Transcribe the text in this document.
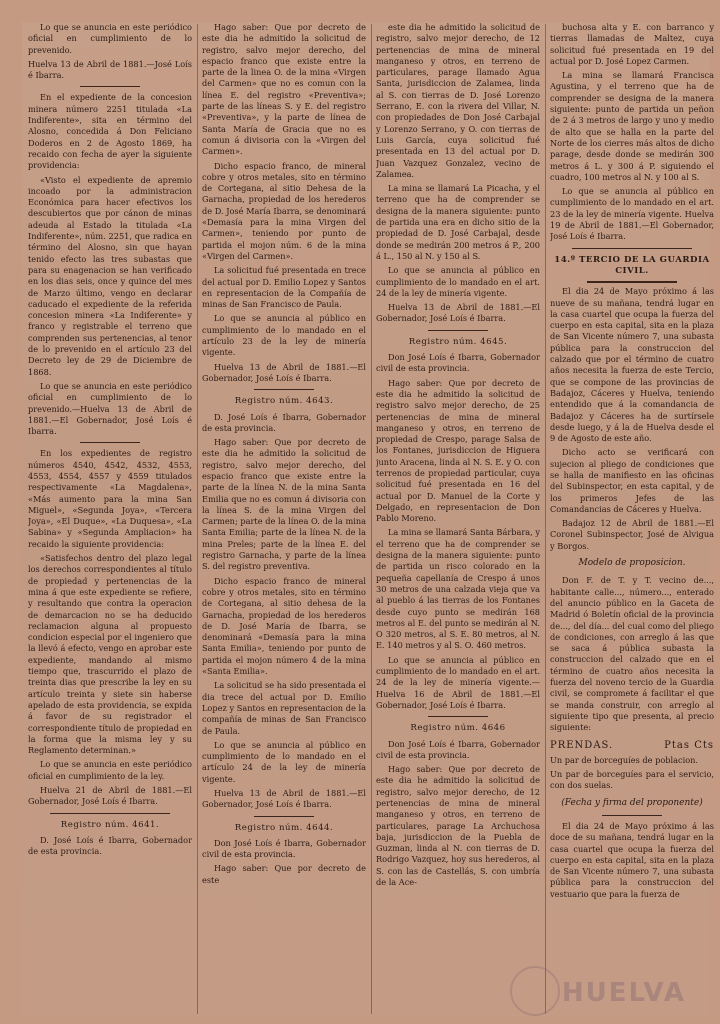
Lo que se anuncia en este periódico oficial en cumplimiento de lo prevenido.

Huelva 13 de Abril de 1881.—José Loís é Ibarra.

En el expediente de la concesion minera número 2251 titulada «La Indiferente», sita en término del Alosno, concedida á Don Feliciano Doderos en 2 de Agosto 1869, ha recaido con fecha de ayer la siguiente providencia:

«Visto el expediente de apremio incoado por la administracion Económica para hacer efectivos los descubiertos que por cánon de minas adeuda al Estado la titulada «La Indiferente», núm. 2251, que radica en término del Alosno, sin que hayan tenido efecto las tres subastas que para su enagenacion se han verificado en los dias seis, once y quince del mes de Marzo último, vengo en declarar caducado el expediente de la referida concesion minera «La Indiferente» y franco y registrable el terreno que comprenden sus pertenencias, al tenor de lo prevenido en el artículo 23 del Decreto ley de 29 de Diciembre de 1868.

Lo que se anuncia en este periódico oficial en cumplimiento de lo prevenido.—Huelva 13 de Abril de 1881.—El Gobernador, José Loís é Ibarra.

En los expedientes de registro números 4540, 4542, 4532, 4553, 4553, 4554, 4557 y 4559 titulados respectivamente «La Magdalena», «Más aumento para la mina San Miguel», «Segunda Joya», «Tercera Joya», «El Duque», «La Duquesa», «La Sabina» y «Segunda Ampliacion» ha recaido la siguiente providencia:

«Satisfechos dentro del plazo legal los derechos correspondientes al título de propiedad y pertenencias de la mina á que este expediente se refiere, y resultando que contra la operacion de demarcacion no se ha deducido reclamacion alguna al propuesto condicion especial por el ingeniero que la llevó á efecto, vengo en aprobar este expediente, mandando al mismo tiempo que, trascurrido el plazo de treinta dias que prescribe la ley en su artículo treinta y siete sin haberse apelado de esta providencia, se expida á favor de su registrador el correspondiente título de propiedad en la forma que la misma ley y su Reglamento determinan.»

Lo que se anuncia en este periódico oficial en cumplimiento de la ley.

Huelva 21 de Abril de 1881.—El Gobernador, José Loís é Ibarra.

Registro núm. 4641.

D. José Loís é Ibarra, Gobernador de esta provincia.

Hago saber: Que por decreto de este dia he admitido la solicitud de registro, salvo mejor derecho, del espacio franco que existe entre la parte de la linea O. de la mina «Virgen del Carmen» que no es comun con la línea E. del registro «Preventiva»; parte de las líneas S. y E. del registro «Preventiva», y la parte de línea de Santa María de Gracia que no es comun á divisoria con la «Virgen del Carmen».

Dicho espacio franco, de mineral cobre y otros metales, sito en término de Cortegana, al sitio Dehesa de la Garnacha, propiedad de los herederos de D. José María Ibarra, se denominará «Demasía para la mina Virgen del Carmen», teniendo por punto de partida el mojon núm. 6 de la mina «Virgen del Carmen».

La solicitud fué presentada en trece del actual por D. Emilio Lopez y Santos en representacion de la Compañía de minas de San Francisco de Paula.

Lo que se anuncia al público en cumplimiento de lo mandado en el artículo 23 de la ley de minería vigente.

Huelva 13 de Abril de 1881.—El Gobernador, José Loís é Ibarra.

Registro núm. 4643.

D. José Loís é Ibarra, Gobernador de esta provincia.

Hago saber: Que por decreto de este dia he admitido la solicitud de registro, salvo mejor derecho, del espacio franco que existe entre la parte de la línea N. de la mina Santa Emilia que no es comun á divisoria con la línea S. de la mina Virgen del Carmen; parte de la línea O. de la mina Santa Emilia; parte de la línea N. de la mina Preles; parte de la línea E. del registro Garnacha, y parte de la línea S. del registro preventiva.

Dicho espacio franco de mineral cobre y otros metales, sito en término de Cortegana, al sitio dehesa de la Garnacha, propiedad de los herederos de D. José María de Ibarra, se denominará «Demasía para la mina Santa Emilia», teniendo por punto de partida el mojon número 4 de la mina «Santa Emilia».

La solicitud se ha sido presentada el dia trece del actual por D. Emilio Lopez y Santos en representacion de la compañía de minas de San Francisco de Paula.

Lo que se anuncia al público en cumplimiento de lo mandado en el artículo 24 de la ley de minería vigente.

Huelva 13 de Abril de 1881.—El Gobernador, José Loís é Ibarra.

Registro núm. 4644.

Don José Loís é Ibarra, Gobernador civil de esta provincia.

Hago saber: Que por decreto de este

este dia he admitido la solicitud de registro, salvo mejor derecho, de 12 pertenencias de mina de mineral manganeso y otros, en terreno de particulares, parage llamado Agua Santa, jurisdiccion de Zalamea, linda al S. con tierras de D. José Lorenzo Serrano, E. con la rivera del Villar, N. con propiedades de Don José Carbajal y Lorenzo Serrano, y O. con tierras de Luis García, cuya solicitud fué presentada en 13 del actual por D. Juan Vazquez Gonzalez, vecino de Zalamea.

La mina se llamará La Picacha, y el terreno que ha de comprender se designa de la manera siguiente: punto de partida una era en dicho sitio de la propiedad de D. José Carbajal, desde donde se medirán 200 metros á P., 200 á L., 150 al N. y 150 al S.

Lo que se anuncia al público en cumplimiento de lo mandado en el art. 24 de la ley de minería vigente.

Huelva 13 de Abril de 1881.—El Gobernador, José Loís é Ibarra.

Registro núm. 4645.

Don José Loís é Ibarra, Gobernador civil de esta provincia.

Hago saber: Que por decreto de este dia he admitido la solicitud de registro salvo mejor derecho, de 25 pertenencias de mina de mineral manganeso y otros, en terreno de propiedad de Crespo, parage Salsa de los Fontanes, jurisdiccion de Higuera junto Aracena, linda al N. S. E. y O. con terrenos de propiedad particular, cuya solicitud fué presentada en 16 del actual por D. Manuel de la Corte y Delgado, en representacion de Don Pablo Moreno.

La mina se llamará Santa Bárbara, y el terreno que ha de comprender se designa de la manera siguiente: punto de partida un risco colorado en la pequeña capellanía de Crespo á unos 30 metros de una calzada vieja que va al pueblo á las tierras de los Fontanes desde cuyo punto se medirán 168 metros al E. del punto se medirán al N. O 320 metros, al S. E. 80 metros, al N. E. 140 metros y al S. O. 460 metros.

Lo que se anuncia al público en cumplimiento de lo mandado en el art. 24 de la ley de minería vigente.—Huelva 16 de Abril de 1881.—El Gobernador, José Loís é Ibarra.

Registro núm. 4646

Don José Loís é Ibarra, Gobernador civil de esta provincia.

Hago saber: Que por decreto de este dia he admitido la solicitud de registro, salvo mejor derecho, de 12 pertenencias de mina de mineral manganeso y otros, en terreno de particulares, parage La Archuchosa baja, jurisdiccion de la Puebla de Guzman, linda al N. con tierras de D. Rodrigo Vazquez, hoy sus herederos, al S. con las de Castellás, S. con umbría de la Ace-

buchosa alta y E. con barranco y tierras llamadas de Maltez, cuya solicitud fué presentada en 19 del actual por D. José Lopez Carmen.

La mina se llamará Francisca Agustina, y el terreno que ha de comprender se designa de la manera siguiente: punto de partida un peñon de 2 á 3 metros de largo y uno y medio de alto que se halla en la parte del Norte de los cierres más altos de dicho parage, desde donde se medirán 300 metros á L. y 300 á P. siguiendo el cuadro, 100 metros al N. y 100 al S.

Lo que se anuncia al público en cumplimiento de lo mandado en el art. 23 de la ley de minería vigente. Huelva 19 de Abril de 1881.—El Gobernador, José Loís é Ibarra.

14.º TERCIO DE LA GUARDIA CIVIL.

El dia 24 de Mayo próximo á las nueve de su mañana, tendrá lugar en la casa cuartel que ocupa la fuerza del cuerpo en esta capital, sita en la plaza de San Vicente número 7, una subasta pública para la construccion del calzado que por el término de cuatro años necesita la fuerza de este Tercio, que se compone de las provincias de Badajoz, Cáceres y Huelva, teniendo entendido que á la comandancia de Badajoz y Cáceres ha de surtírsele desde luego, y á la de Huelva desde el 9 de Agosto de este año.

Dicho acto se verificará con sujecion al pliego de condiciones que se halla de manifiesto en las oficinas del Subinspector, en esta capital, y de los primeros Jefes de las Comandancias de Cáceres y Huelva.

Badajoz 12 de Abril de 1881.—El Coronel Subinspector, José de Alvigua y Borgos.

Modelo de proposicion.

Don F. de T. y T. vecino de..., habitante calle..., número..., enterado del anuncio público en la Gaceta de Madrid ó Boletín oficial de la provincia de..., del día... del cual como del pliego de condiciones, con arreglo á las que se saca á pública subasta la construccion del calzado que en el término de cuatro años necesita la fuerza del noveno tercio de la Guardia civil, se compromete á facilitar el que se manda construir, con arreglo al siguiente tipo que presenta, al precio siguiente:

PRENDAS.	Ptas Cts

Un par de borceguíes de poblacion.

Un par de borceguíes para el servicio, con dos suelas.

(Fecha y firma del proponente)

El dia 24 de Mayo próximo á las doce de su mañana, tendrá lugar en la casa cuartel que ocupa la fuerza del cuerpo en esta capital, sita en la plaza de San Vicente número 7, una subasta pública para la construccion del vestuario que para la fuerza de

HUELVA
